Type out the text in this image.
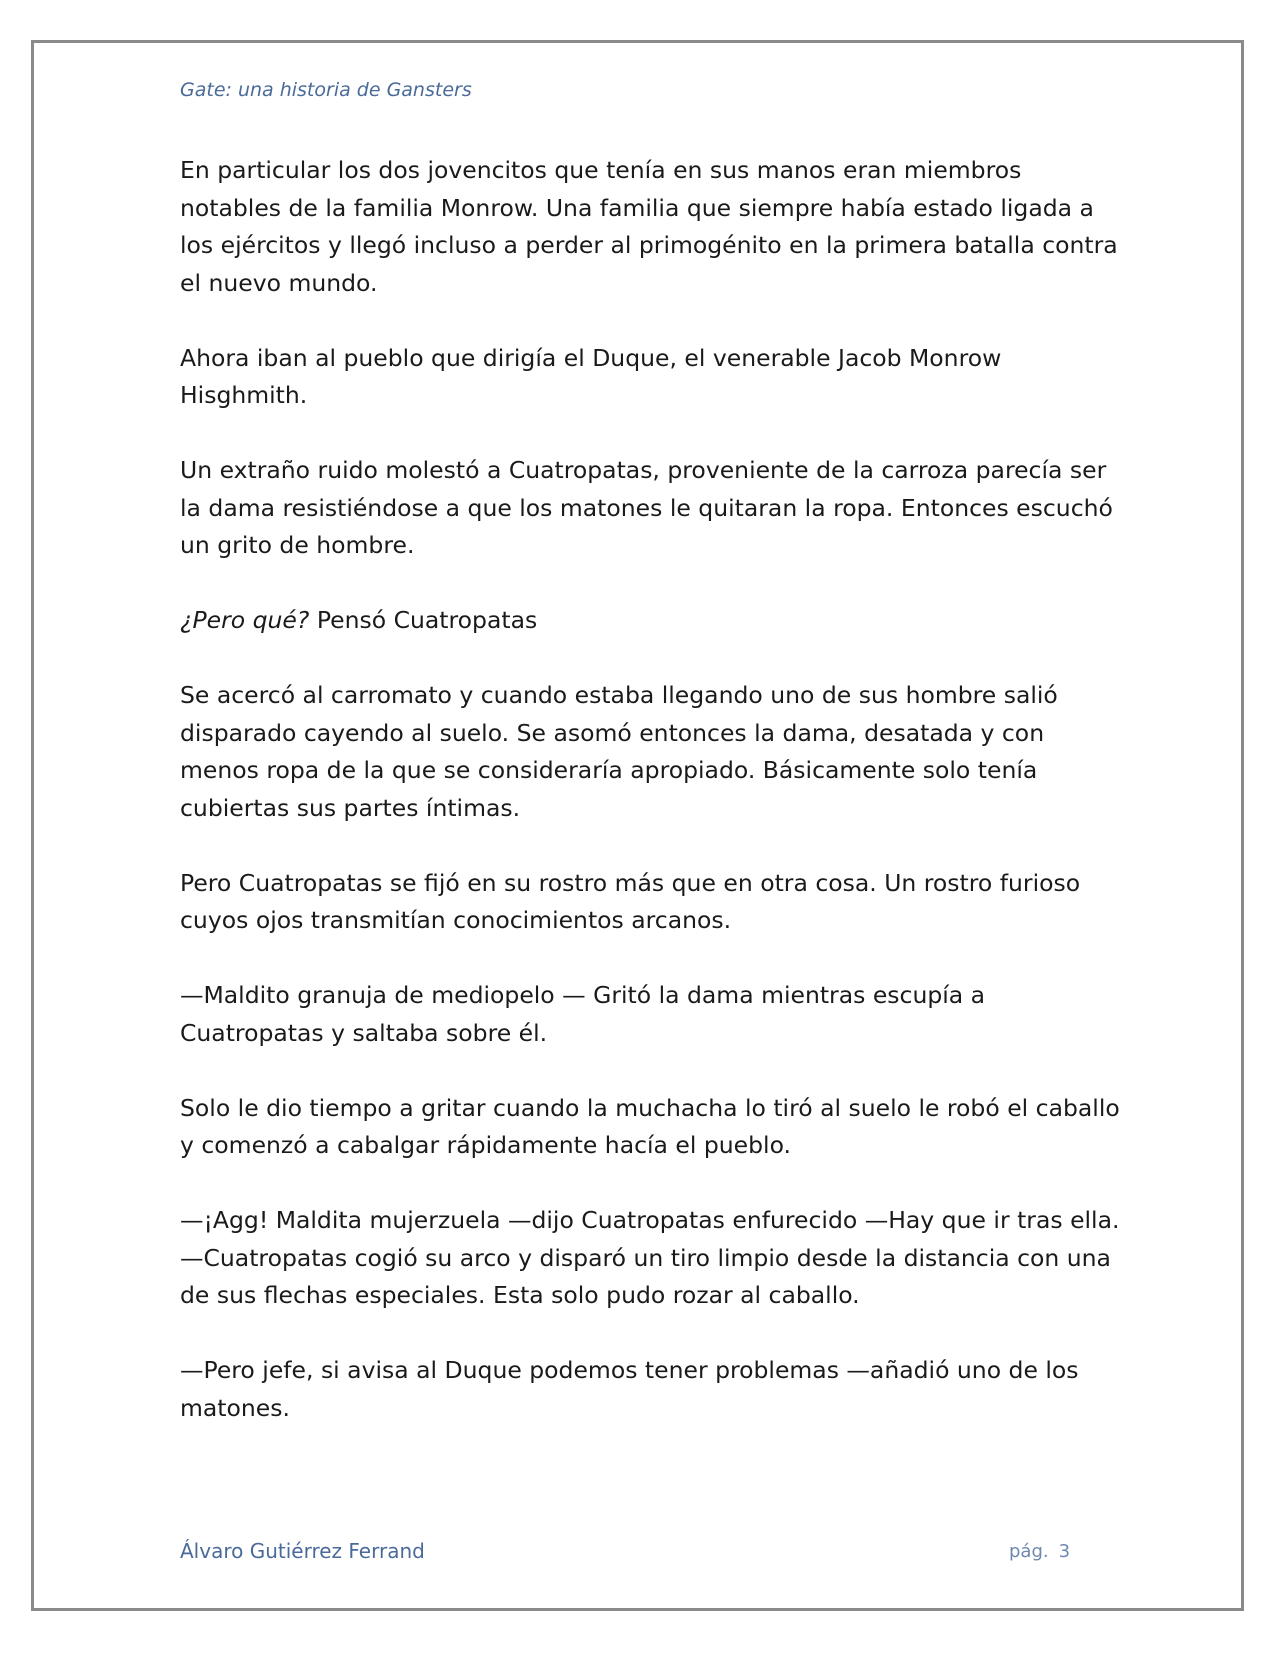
Gate: una historia de Gansters

En particular los dos jovencitos que tenía en sus manos eran miembros notables de la familia Monrow. Una familia que siempre había estado ligada a los ejércitos y llegó incluso a perder al primogénito en la primera batalla contra el nuevo mundo.

Ahora iban al pueblo que dirigía el Duque, el venerable Jacob Monrow Hisghmith.

Un extraño ruido molestó a Cuatropatas, proveniente de la carroza parecía ser la dama resistiéndose a que los matones le quitaran la ropa. Entonces escuchó un grito de hombre.

¿Pero qué? Pensó Cuatropatas

Se acercó al carromato y cuando estaba llegando uno de sus hombre salió disparado cayendo al suelo. Se asomó entonces la dama, desatada y con menos ropa de la que se consideraría apropiado. Básicamente solo tenía cubiertas sus partes íntimas.

Pero Cuatropatas se fijó en su rostro más que en otra cosa. Un rostro furioso cuyos ojos transmitían conocimientos arcanos.

—Maldito granuja de mediopelo — Gritó la dama mientras escupía a Cuatropatas y saltaba sobre él.

Solo le dio tiempo a gritar cuando la muchacha lo tiró al suelo le robó el caballo y comenzó a cabalgar rápidamente hacía el pueblo.

—¡Agg! Maldita mujerzuela —dijo Cuatropatas enfurecido —Hay que ir tras ella. —Cuatropatas cogió su arco y disparó un tiro limpio desde la distancia con una de sus flechas especiales. Esta solo pudo rozar al caballo.

—Pero jefe, si avisa al Duque podemos tener problemas —añadió uno de los matones.

Álvaro Gutiérrez Ferrand	pág. 3
